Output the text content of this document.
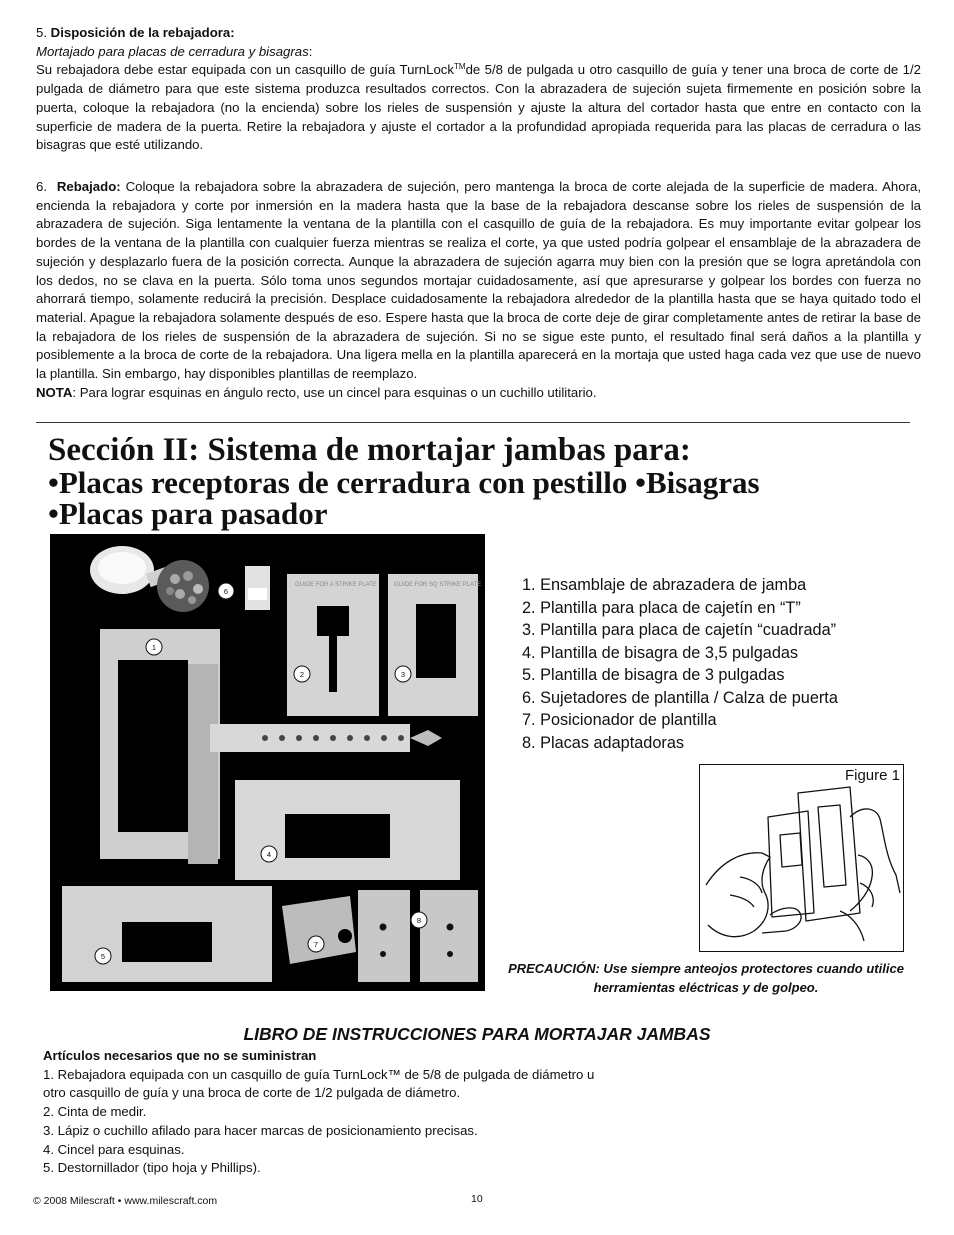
5. Disposición de la rebajadora:

Mortajado para placas de cerradura y bisagras:

Su rebajadora debe estar equipada con un casquillo de guía TurnLock™de 5/8 de pulgada u otro casquillo de guía y tener una broca de corte de 1/2 pulgada de diámetro para que este sistema produzca resultados correctos. Con la abrazadera de sujeción sujeta firmemente en posición sobre la puerta, coloque la rebajadora (no la encienda) sobre los rieles de suspensión y ajuste la altura del cortador hasta que entre en contacto con la superficie de madera de la puerta. Retire la rebajadora y ajuste el cortador a la profundidad apropiada requerida para las placas de cerradura o las bisagras que esté utilizando.

6. Rebajado: Coloque la rebajadora sobre la abrazadera de sujeción, pero mantenga la broca de corte alejada de la superficie de madera. Ahora, encienda la rebajadora y corte por inmersión en la madera hasta que la base de la rebajadora descanse sobre los rieles de suspensión de la abrazadera de sujeción. Siga lentamente la ventana de la plantilla con el casquillo de guía de la rebajadora. Es muy importante evitar golpear los bordes de la ventana de la plantilla con cualquier fuerza mientras se realiza el corte, ya que usted podría golpear el ensamblaje de la abrazadera de sujeción y desplazarlo fuera de la posición correcta. Aunque la abrazadera de sujeción agarra muy bien con la presión que se logra apretándola con los dedos, no se clava en la puerta. Sólo toma unos segundos mortajar cuidadosamente, así que apresurarse y golpear los bordes con fuerza no ahorrará tiempo, solamente reducirá la precisión. Desplace cuidadosamente la rebajadora alrededor de la plantilla hasta que se haya quitado todo el material. Apague la rebajadora solamente después de eso. Espere hasta que la broca de corte deje de girar completamente antes de retirar la base de la rebajadora de los rieles de suspensión de la abrazadera de sujeción. Si no se sigue este punto, el resultado final será daños a la plantilla y posiblemente a la broca de corte de la rebajadora. Una ligera mella en la plantilla aparecerá en la mortaja que usted haga cada vez que use de nuevo la plantilla. Sin embargo, hay disponibles plantillas de reemplazo.

NOTA: Para lograr esquinas en ángulo recto, use un cincel para esquinas o un cuchillo utilitario.

Sección II: Sistema de mortajar jambas para:
•Placas receptoras de cerradura con pestillo •Bisagras
•Placas para pasador
GUIDE FOR A STRIKE PLATE	GUIDE FOR SQ STRIKE PLATE
1
2	3
4
5
6
7
8
1. Ensamblaje de abrazadera de jamba
2. Plantilla para placa de cajetín en “T”
3. Plantilla para placa de cajetín “cuadrada”
4. Plantilla de bisagra de 3,5 pulgadas
5. Plantilla de bisagra de 3 pulgadas
6. Sujetadores de plantilla / Calza de puerta
7. Posicionador de plantilla
8. Placas adaptadoras
Figure 1
PRECAUCIÓN: Use siempre anteojos protectores cuando utilice herramientas eléctricas y de golpeo.
LIBRO DE INSTRUCCIONES PARA MORTAJAR JAMBAS
Artículos necesarios que no se suministran
1. Rebajadora equipada con un casquillo de guía TurnLock™ de 5/8 de pulgada de diámetro u otro casquillo de guía y una broca de corte de 1/2 pulgada de diámetro.
2. Cinta de medir.
3. Lápiz o cuchillo afilado para hacer marcas de posicionamiento precisas.
4. Cincel para esquinas.
5. Destornillador (tipo hoja y Phillips).
© 2008 Milescraft • www.milescraft.com	10
